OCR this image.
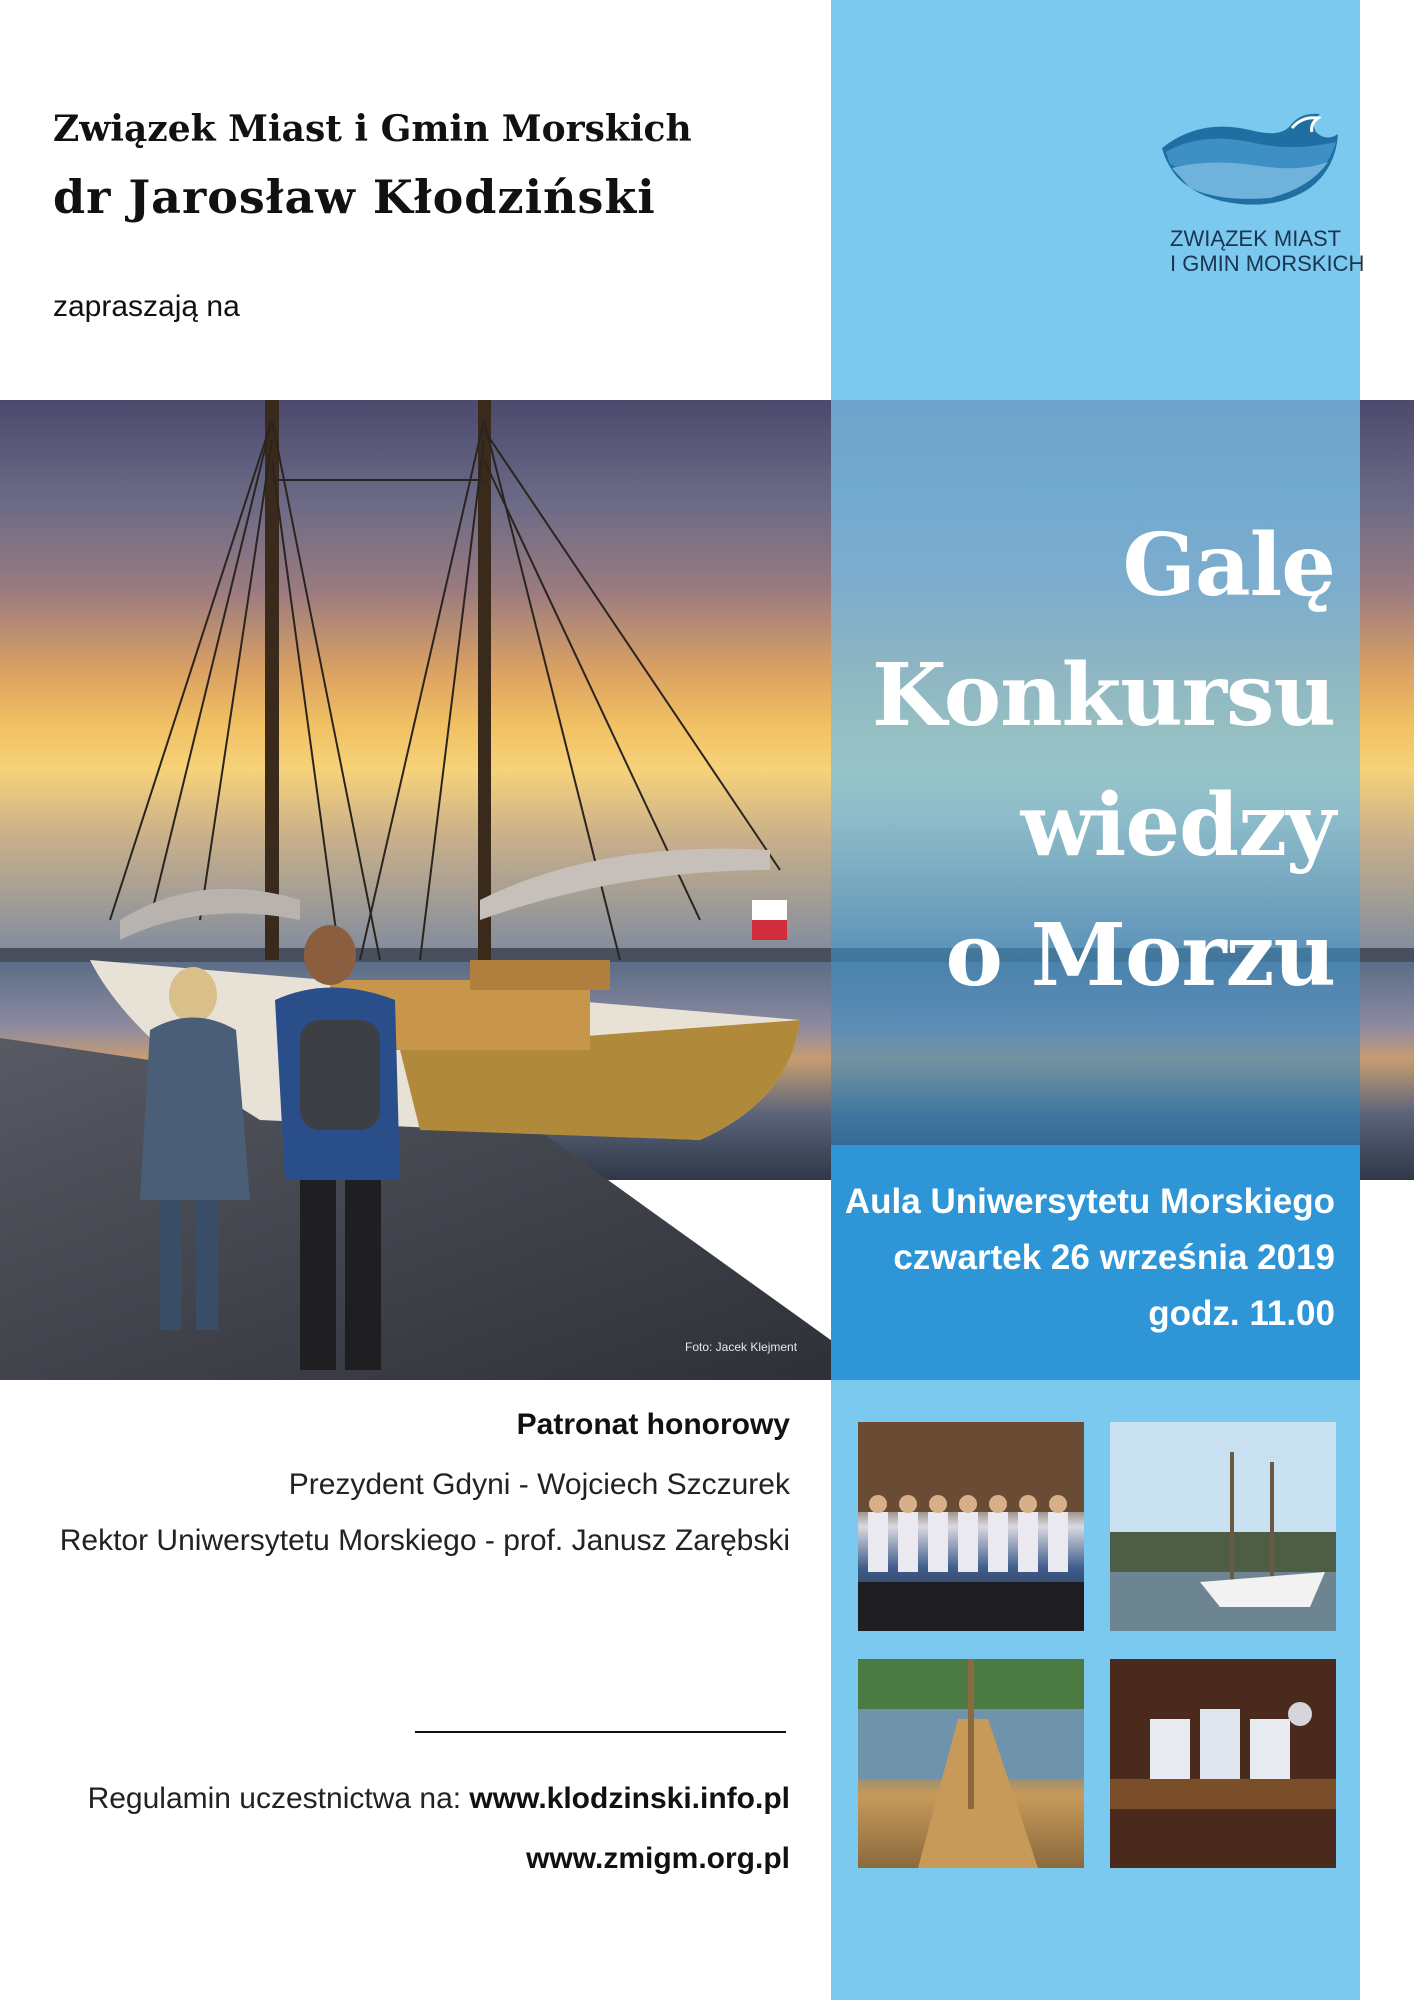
Związek Miast i Gmin Morskich
dr Jarosław Kłodziński
zapraszają na
ZWIĄZEK MIAST
I GMIN MORSKICH
Foto: Jacek Klejment
Galę
Konkursu
wiedzy
o Morzu
Aula Uniwersytetu Morskiego
czwartek 26 września 2019
godz. 11.00
Patronat honorowy
Prezydent Gdyni - Wojciech Szczurek
Rektor Uniwersytetu Morskiego - prof. Janusz Zarębski
Regulamin uczestnictwa na: www.klodzinski.info.pl
www.zmigm.org.pl
